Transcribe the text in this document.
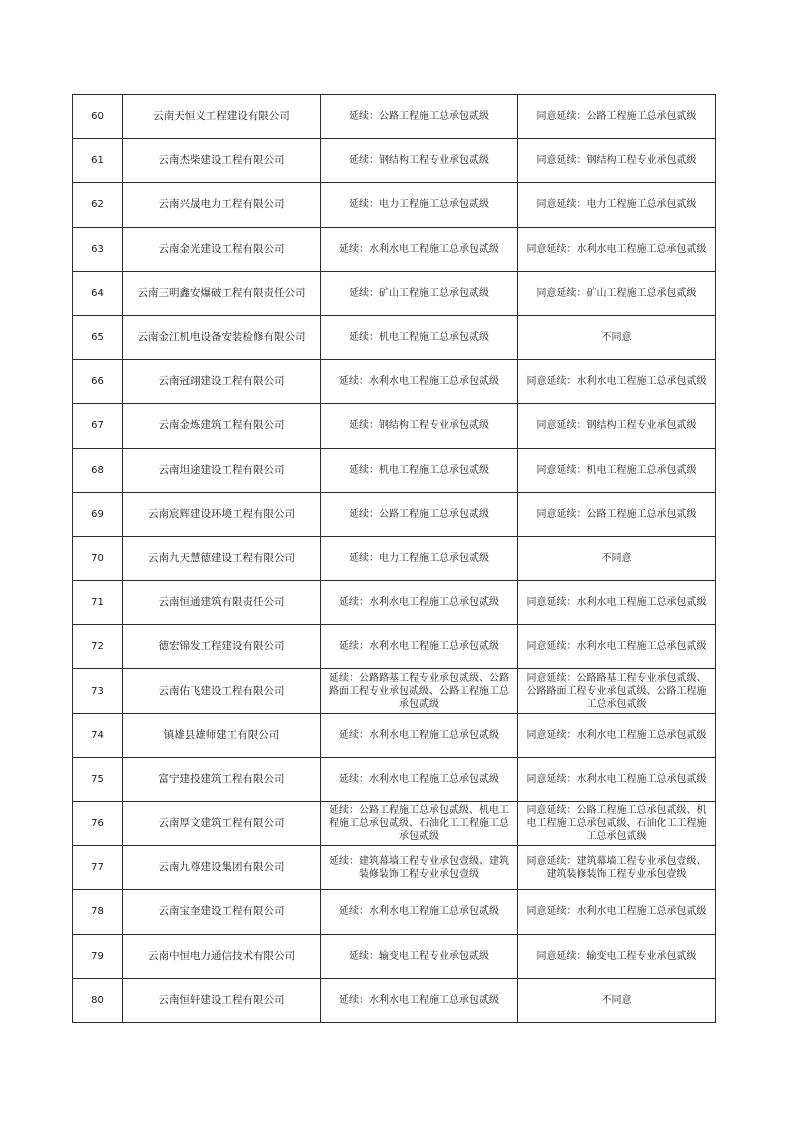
60	云南天恒义工程建设有限公司	延续：公路工程施工总承包贰级	同意延续：公路工程施工总承包贰级
61	云南杰柴建设工程有限公司	延续：钢结构工程专业承包贰级	同意延续：钢结构工程专业承包贰级
62	云南兴晟电力工程有限公司	延续：电力工程施工总承包贰级	同意延续：电力工程施工总承包贰级
63	云南金光建设工程有限公司	延续：水利水电工程施工总承包贰级	同意延续：水利水电工程施工总承包贰级
64	云南三明鑫安爆破工程有限责任公司	延续：矿山工程施工总承包贰级	同意延续：矿山工程施工总承包贰级
65	云南金江机电设备安装检修有限公司	延续：机电工程施工总承包贰级	不同意
66	云南冠翊建设工程有限公司	延续：水利水电工程施工总承包贰级	同意延续：水利水电工程施工总承包贰级
67	云南金炼建筑工程有限公司	延续：钢结构工程专业承包贰级	同意延续：钢结构工程专业承包贰级
68	云南坦途建设工程有限公司	延续：机电工程施工总承包贰级	同意延续：机电工程施工总承包贰级
69	云南宸辉建设环境工程有限公司	延续：公路工程施工总承包贰级	同意延续：公路工程施工总承包贰级
70	云南九天慧德建设工程有限公司	延续：电力工程施工总承包贰级	不同意
71	云南恒通建筑有限责任公司	延续：水利水电工程施工总承包贰级	同意延续：水利水电工程施工总承包贰级
72	德宏锦发工程建设有限公司	延续：水利水电工程施工总承包贰级	同意延续：水利水电工程施工总承包贰级
73	云南佑飞建设工程有限公司	延续：公路路基工程专业承包贰级、公路路面工程专业承包贰级、公路工程施工总承包贰级	同意延续：公路路基工程专业承包贰级、公路路面工程专业承包贰级、公路工程施工总承包贰级
74	镇雄县雄师建工有限公司	延续：水利水电工程施工总承包贰级	同意延续：水利水电工程施工总承包贰级
75	富宁建投建筑工程有限公司	延续：水利水电工程施工总承包贰级	同意延续：水利水电工程施工总承包贰级
76	云南厚文建筑工程有限公司	延续：公路工程施工总承包贰级、机电工程施工总承包贰级、石油化工工程施工总承包贰级	同意延续：公路工程施工总承包贰级、机电工程施工总承包贰级、石油化工工程施工总承包贰级
77	云南九尊建设集团有限公司	延续：建筑幕墙工程专业承包壹级、建筑装修装饰工程专业承包壹级	同意延续：建筑幕墙工程专业承包壹级、建筑装修装饰工程专业承包壹级
78	云南宝奎建设工程有限公司	延续：水利水电工程施工总承包贰级	同意延续：水利水电工程施工总承包贰级
79	云南中恒电力通信技术有限公司	延续：输变电工程专业承包贰级	同意延续：输变电工程专业承包贰级
80	云南恒轩建设工程有限公司	延续：水利水电工程施工总承包贰级	不同意
